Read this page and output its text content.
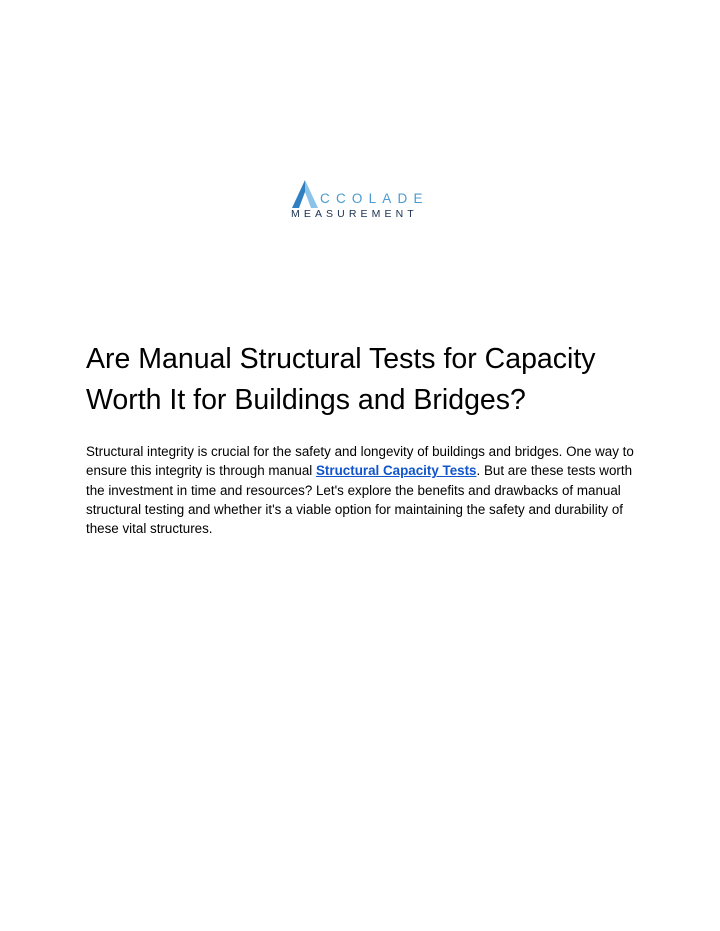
CCOLADE
MEASUREMENT
Are Manual Structural Tests for Capacity Worth It for Buildings and Bridges?

Structural integrity is crucial for the safety and longevity of buildings and bridges. One way to ensure this integrity is through manual Structural Capacity Tests. But are these tests worth the investment in time and resources? Let's explore the benefits and drawbacks of manual structural testing and whether it's a viable option for maintaining the safety and durability of these vital structures.
